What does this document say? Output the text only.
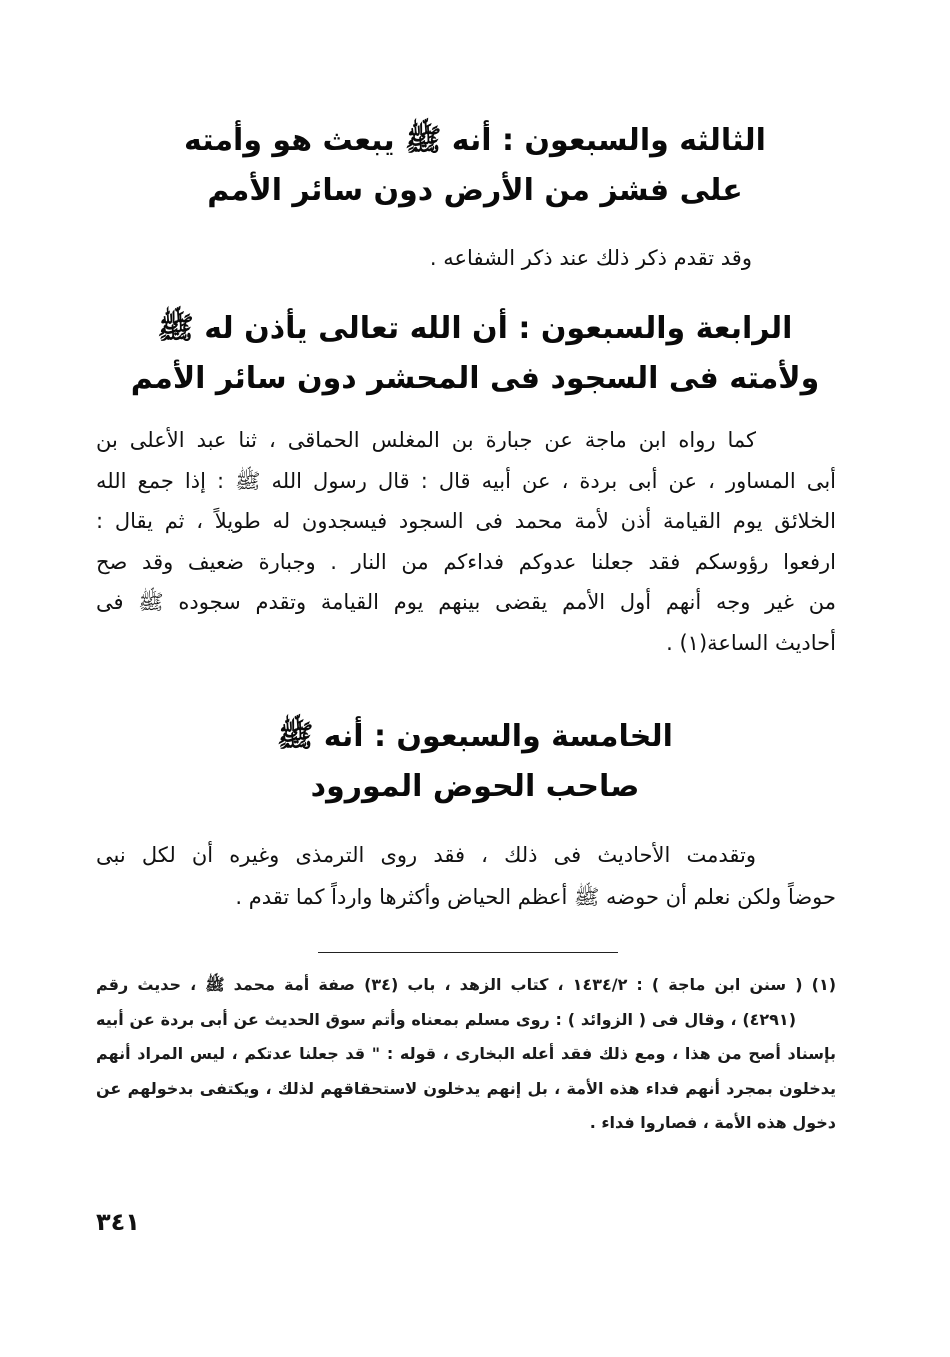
الثالثه والسبعون : أنه ﷺ يبعث هو وأمته
على فشز من الأرض دون سائر الأمم
وقد تقدم ذكر ذلك عند ذكر الشفاعه .
الرابعة والسبعون : أن الله تعالى يأذن له ﷺ
ولأمته فى السجود فى المحشر دون سائر الأمم
كما رواه ابن ماجة عن جبارة بن المغلس الحماقى ، ثنا عبد الأعلى بن
أبى المساور ، عن أبى بردة ، عن أبيه قال : قال رسول الله ﷺ : إذا جمع الله
الخلائق يوم القيامة أذن لأمة محمد فى السجود فيسجدون له طويلاً ، ثم يقال :
ارفعوا رؤوسكم فقد جعلنا عدوكم فداءكم من النار . وجبارة ضعيف وقد صح
من غير وجه أنهم أول الأمم يقضى بينهم يوم القيامة وتقدم سجوده ﷺ فى
أحاديث الساعة(١) .
الخامسة والسبعون : أنه ﷺ
صاحب الحوض المورود
وتقدمت الأحاديث فى ذلك ، فقد روى الترمذى وغيره أن لكل نبى
حوضاً ولكن نعلم أن حوضه ﷺ أعظم الحياض وأكثرها وارداً كما تقدم .
(١) ( سنن ابن ماجة ) : ١٤٣٤/٢ ، كتاب الزهد ، باب (٣٤) صفة أمة محمد ﷺ ، حديث رقم
(٤٢٩١) ، وقال فى ( الزوائد ) : روى مسلم بمعناه وأتم سوق الحديث عن أبى بردة عن أبيه
بإسناد أصح من هذا ، ومع ذلك فقد أعله البخارى ، قوله : " قد جعلنا عدتكم ، ليس المراد أنهم
يدخلون بمجرد أنهم فداء هذه الأمة ، بل إنهم يدخلون لاستحقاقهم لذلك ، ويكتفى بدخولهم عن
دخول هذه الأمة ، فصاروا فداء .
٣٤١
